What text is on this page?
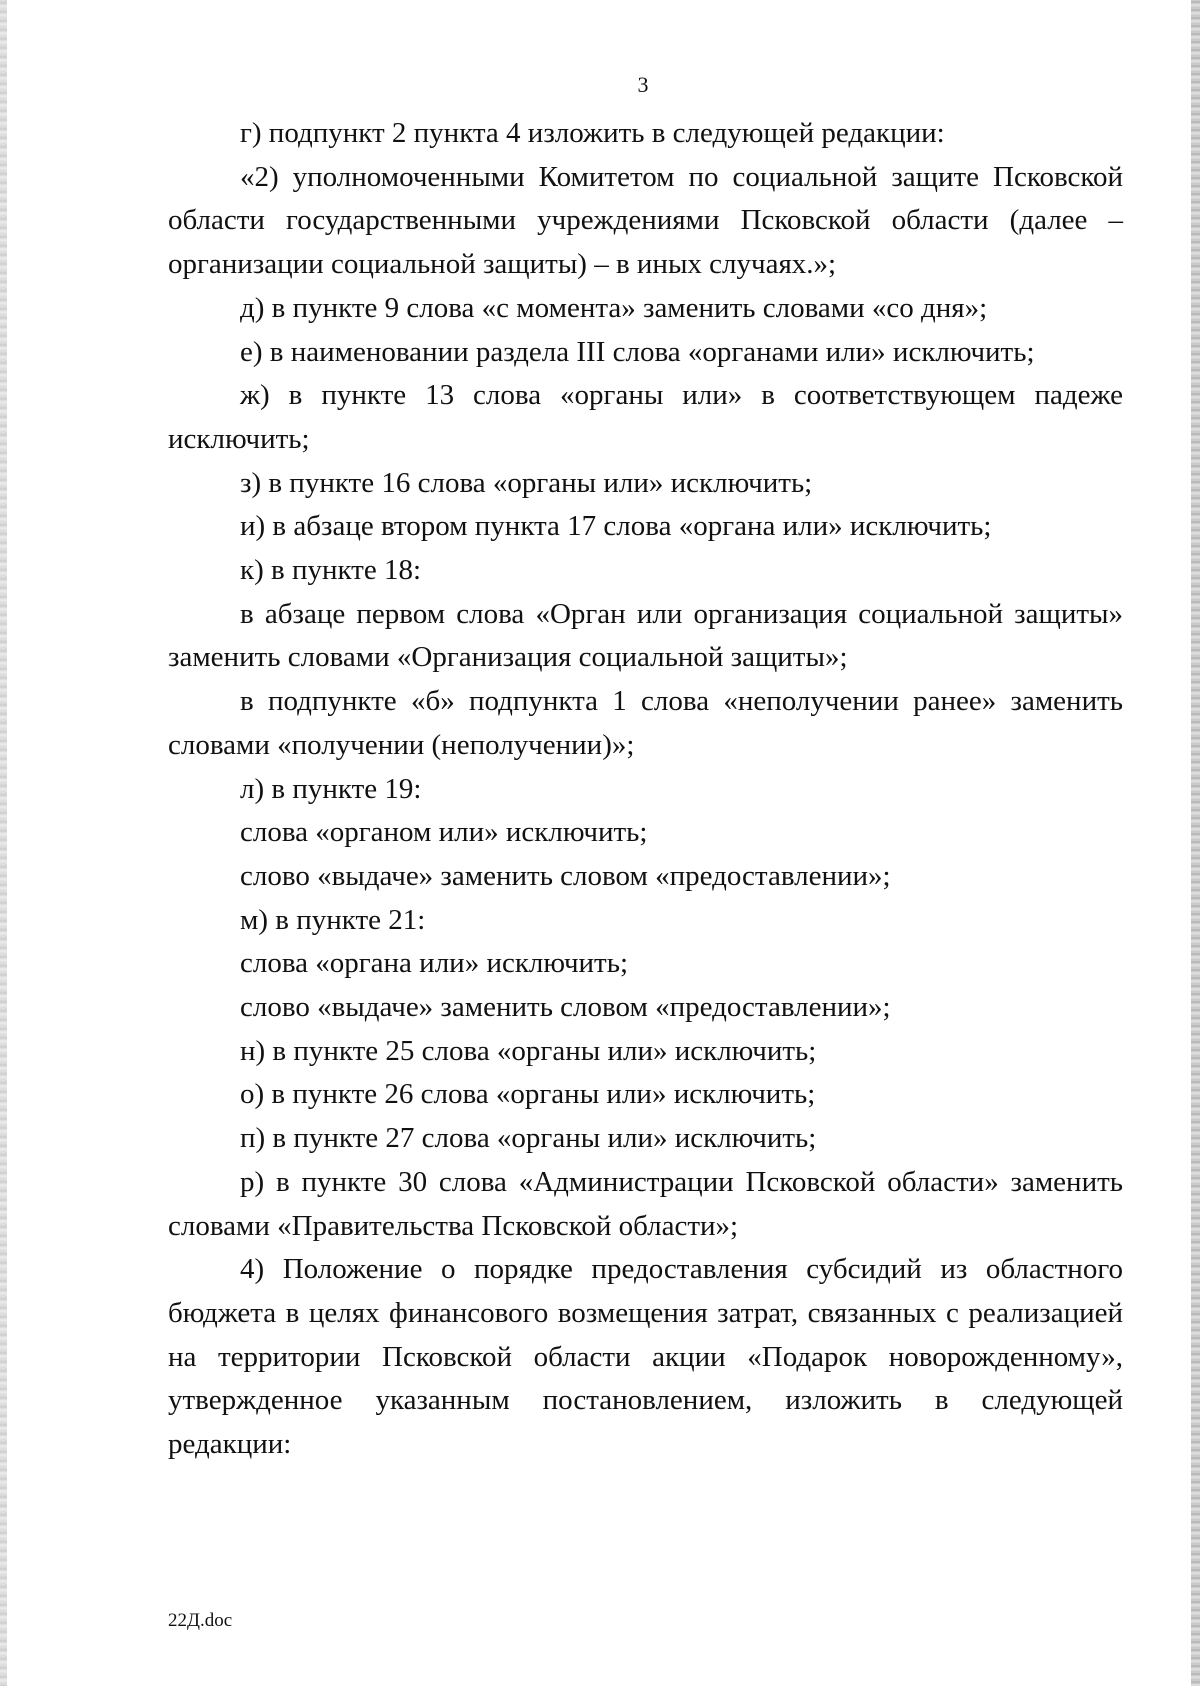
3

г) подпункт 2 пункта 4 изложить в следующей редакции:

«2) уполномоченными Комитетом по социальной защите Псковской области государственными учреждениями Псковской области (далее – организации социальной защиты) – в иных случаях.»;

д) в пункте 9 слова «с момента» заменить словами «со дня»;

е) в наименовании раздела III слова «органами или» исключить;

ж) в пункте 13 слова «органы или» в соответствующем падеже исключить;

з) в пункте 16 слова «органы или» исключить;

и) в абзаце втором пункта 17 слова «органа или» исключить;

к) в пункте 18:

в абзаце первом слова «Орган или организация социальной защиты» заменить словами «Организация социальной защиты»;

в подпункте «б» подпункта 1 слова «неполучении ранее» заменить словами «получении (неполучении)»;

л) в пункте 19:

слова «органом или» исключить;

слово «выдаче» заменить словом «предоставлении»;

м) в пункте 21:

слова «органа или» исключить;

слово «выдаче» заменить словом «предоставлении»;

н) в пункте 25 слова «органы или» исключить;

о) в пункте 26 слова «органы или» исключить;

п) в пункте 27 слова «органы или» исключить;

р) в пункте 30 слова «Администрации Псковской области» заменить словами «Правительства Псковской области»;

4) Положение о порядке предоставления субсидий из областного бюджета в целях финансового возмещения затрат, связанных с реализацией на территории Псковской области акции «Подарок новорожденному», утвержденное указанным постановлением, изложить в следующей редакции:

22Д.doc
